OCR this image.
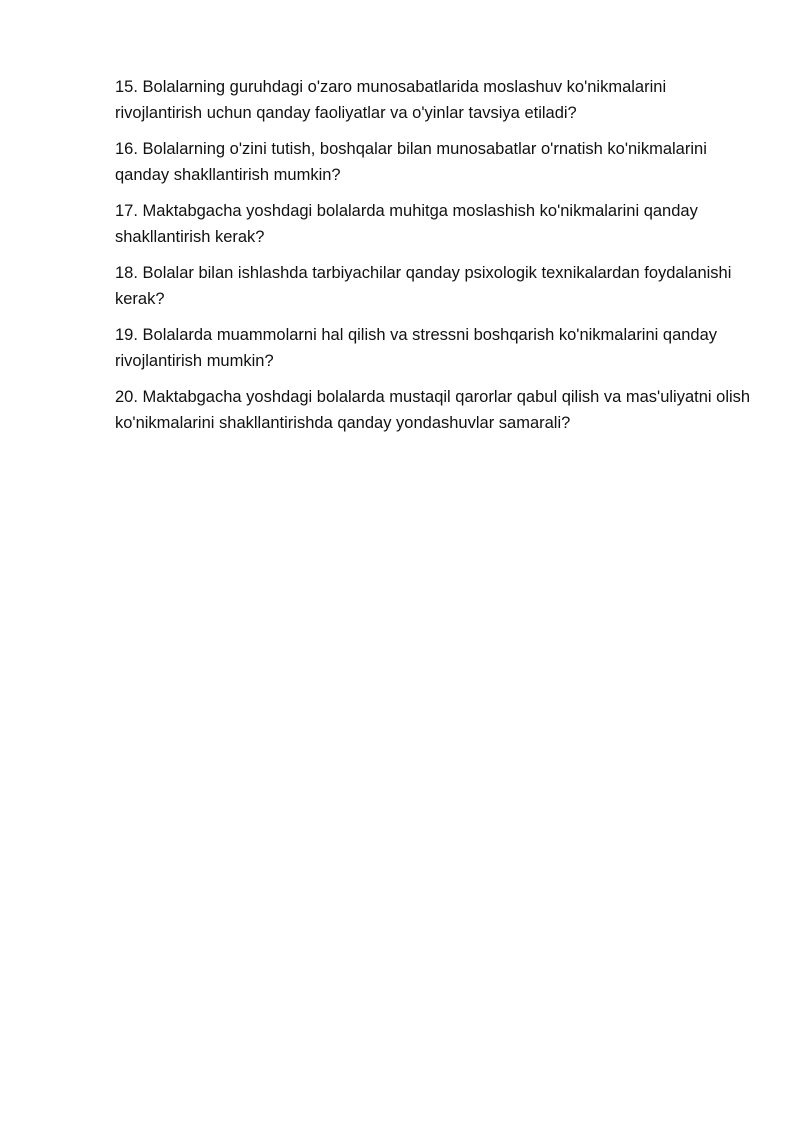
15. Bolalarning guruhdagi o'zaro munosabatlarida moslashuv ko'nikmalarini rivojlantirish uchun qanday faoliyatlar va o'yinlar tavsiya etiladi?

16. Bolalarning o'zini tutish, boshqalar bilan munosabatlar o'rnatish ko'nikmalarini qanday shakllantirish mumkin?

17. Maktabgacha yoshdagi bolalarda muhitga moslashish ko'nikmalarini qanday shakllantirish kerak?

18. Bolalar bilan ishlashda tarbiyachilar qanday psixologik texnikalardan foydalanishi kerak?

19. Bolalarda muammolarni hal qilish va stressni boshqarish ko'nikmalarini qanday rivojlantirish mumkin?

20. Maktabgacha yoshdagi bolalarda mustaqil qarorlar qabul qilish va mas'uliyatni olish ko'nikmalarini shakllantirishda qanday yondashuvlar samarali?
